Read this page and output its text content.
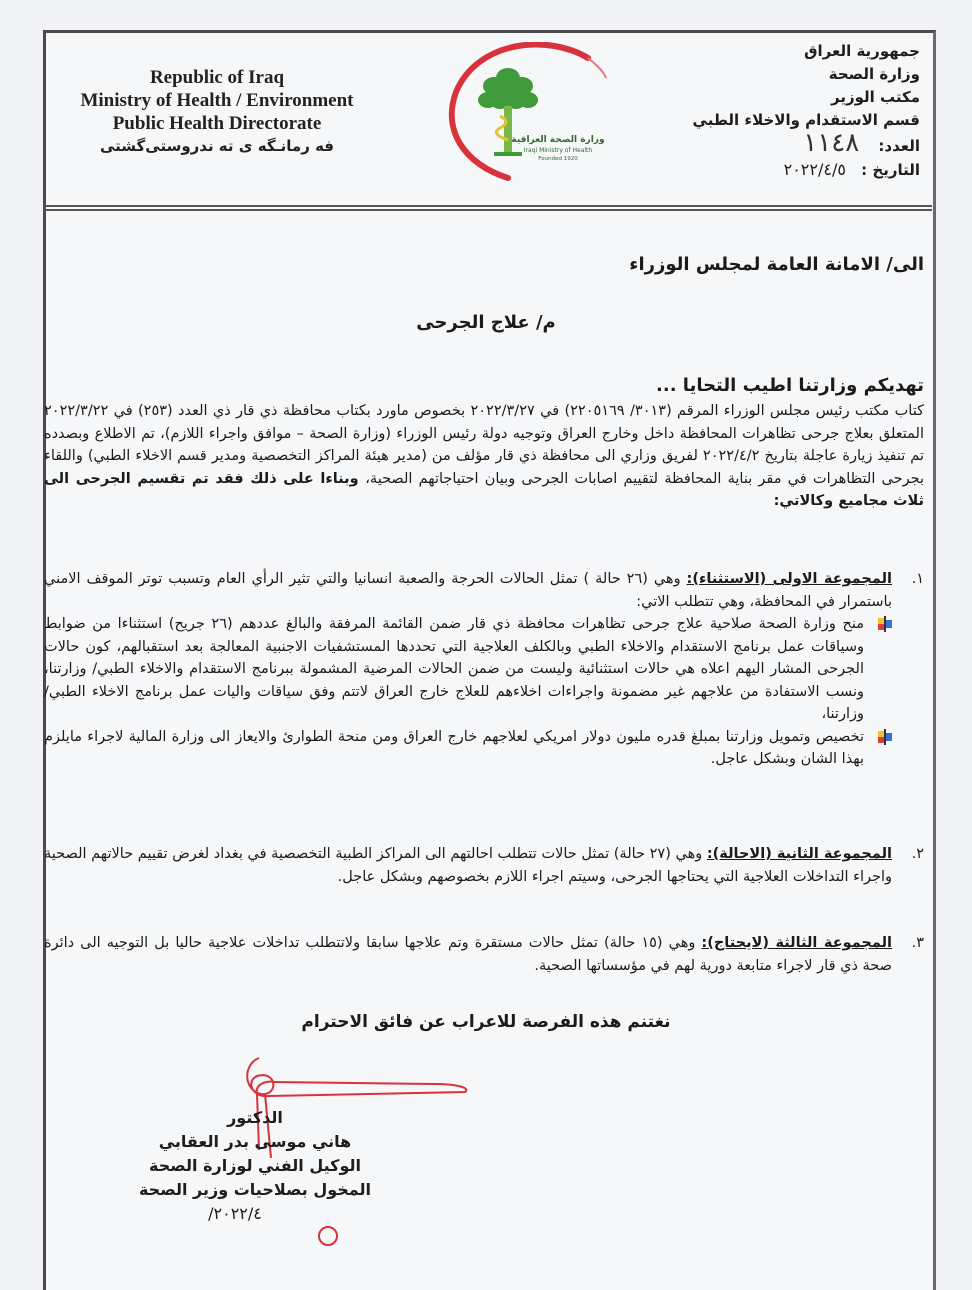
Republic of Iraq
Ministry of Health / Environment
Public Health Directorate
فه رمانـگه ى ته ندروستى‌گشتى	وزارة الصحة العراقية
Iraqi Ministry of Health
Founded 1920
جمهورية العراق
وزارة الصحة
مكتب الوزير
قسم الاستقدام والاخلاء الطبي
العدد: ١١٤٨
التاريخ : ٢٠٢٢/٤/٥
الى/ الامانة العامة لمجلس الوزراء
م/ علاج الجرحى
تهديكم وزارتنا اطيب التحايا ...
كتاب مكتب رئيس مجلس الوزراء المرقم (٣٠١٣/ ٢٢٠٥١٦٩) في ٢٠٢٢/٣/٢٧ بخصوص ماورد بكتاب محافظة ذي قار ذي العدد (٢٥٣) في ٢٠٢٢/٣/٢٢ المتعلق بعلاج جرحى تظاهرات المحافظة داخل وخارج العراق وتوجيه دولة رئيس الوزراء (وزارة الصحة – موافق واجراء اللازم)، تم الاطلاع وبصدده تم تنفيذ زيارة عاجلة بتاريخ ٢٠٢٢/٤/٢ لفريق وزاري الى محافظة ذي قار مؤلف من (مدير هيئة المراكز التخصصية ومدير قسم الاخلاء الطبي) واللقاء بجرحى التظاهرات في مقر بناية المحافظة لتقييم اصابات الجرحى وبيان احتياجاتهم الصحية، وبناءا على ذلك فقد تم تقسيم الجرحى الى ثلاث مجاميع وكالاتي:
١.
المجموعة الاولى (الاستثناء): وهي (٢٦ حالة ) تمثل الحالات الحرجة والصعبة انسانيا والتي تثير الرأي العام وتسبب توتر الموقف الامني باستمرار في المحافظة، وهي تتطلب الاتي:
منح وزارة الصحة صلاحية علاج جرحى تظاهرات محافظة ذي قار ضمن القائمة المرفقة والبالغ عددهم (٢٦ جريح) استثناءا من ضوابط وسياقات عمل برنامج الاستقدام والاخلاء الطبي وبالكلف العلاجية التي تحددها المستشفيات الاجنبية المعالجة بعد استقبالهم، كون حالات الجرحى المشار اليهم اعلاه هي حالات استثنائية وليست من ضمن الحالات المرضية المشمولة ببرنامج الاستقدام والاخلاء الطبي/ وزارتنا، ونسب الاستفادة من علاجهم غير مضمونة واجراءات اخلاءهم للعلاج خارج العراق لاتتم وفق سياقات واليات عمل برنامج الاخلاء الطبي/ وزارتنا،
تخصيص وتمويل وزارتنا بمبلغ قدره مليون دولار امريكي لعلاجهم خارج العراق ومن منحة الطوارئ والايعاز الى وزارة المالية لاجراء مايلزم بهذا الشان وبشكل عاجل.
٢.
المجموعة الثانية (الاحالة): وهي (٢٧ حالة) تمثل حالات تتطلب احالتهم الى المراكز الطبية التخصصية في بغداد لغرض تقييم حالاتهم الصحية واجراء التداخلات العلاجية التي يحتاجها الجرحى، وسيتم اجراء اللازم بخصوصهم وبشكل عاجل.
٣.
المجموعة الثالثة (لايحتاج): وهي (١٥ حالة) تمثل حالات مستقرة وتم علاجها سابقا ولاتتطلب تداخلات علاجية حاليا بل التوجيه الى دائرة صحة ذي قار لاجراء متابعة دورية لهم في مؤسساتها الصحية.
نغتنم هذه الفرصة للاعراب عن فائق الاحترام
الدكتور
هاني موسى بدر العقابي
الوكيل الفني لوزارة الصحة
المخول بصلاحيات وزير الصحة
٢٠٢٢/٤/
